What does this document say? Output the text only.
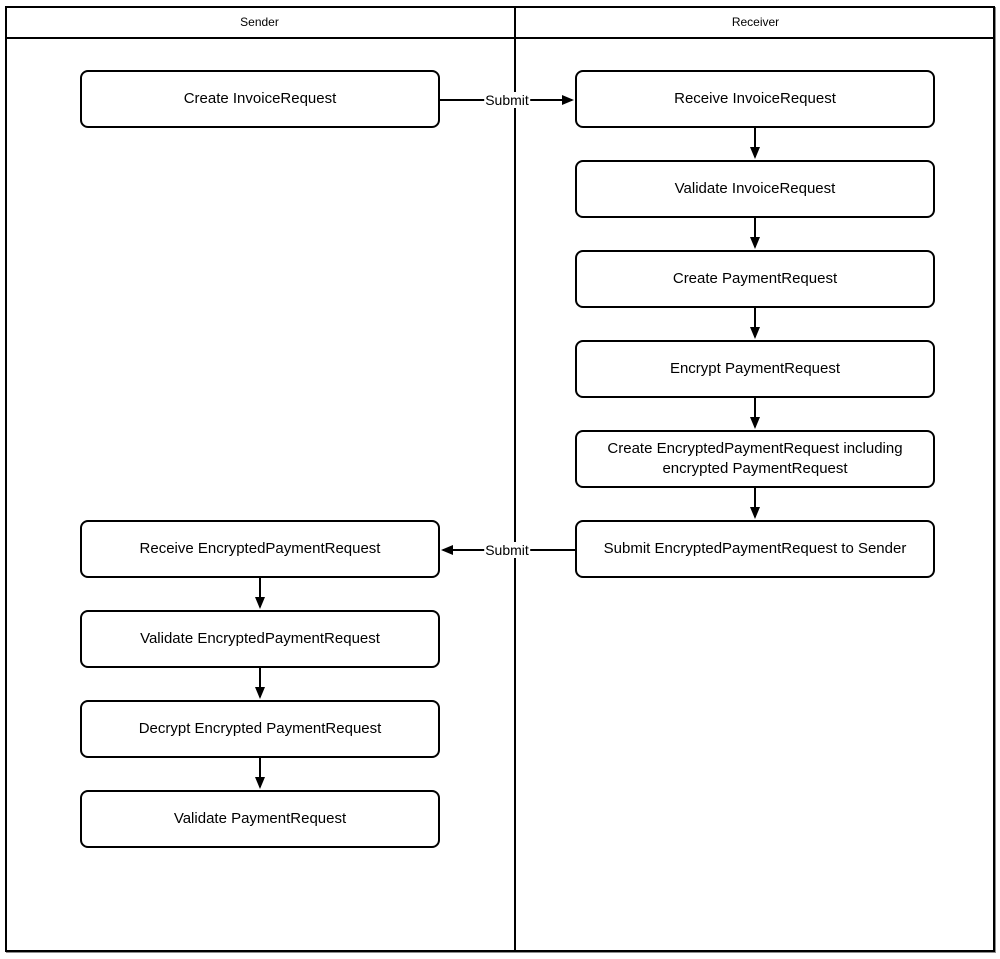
Sender	Receiver
Submit
Submit
Create InvoiceRequest
Receive EncryptedPaymentRequest
Validate EncryptedPaymentRequest
Decrypt Encrypted PaymentRequest
Validate PaymentRequest
Receive InvoiceRequest
Validate InvoiceRequest
Create PaymentRequest
Encrypt PaymentRequest
Create EncryptedPaymentRequest including encrypted PaymentRequest
Submit EncryptedPaymentRequest to Sender
